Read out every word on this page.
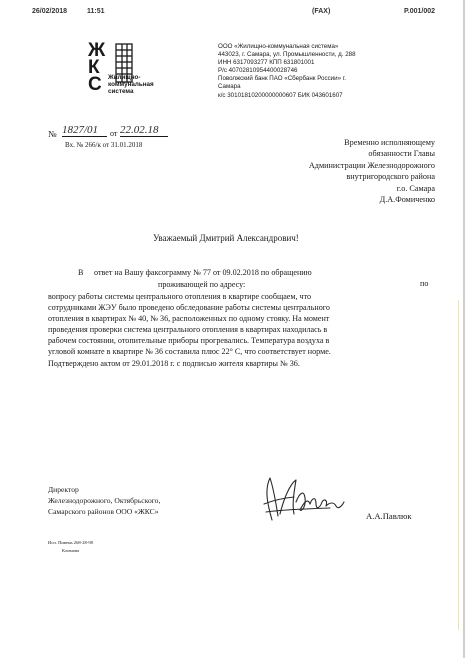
26/02/2018	11:51	(FAX)	P.001/002
ЖКС	Жилищно-
коммунальная
система
ООО «Жилищно-коммунальная система»
443023, г. Самара, ул. Промышленности, д. 288
ИНН 6317093277 КПП 631801001
Р/с 40702810954400028746
Поволжский банк ПАО «Сбербанк России» г.
Самара
к/с 30101810200000000607 БИК 043601607
№ 1827/01	от 22.02.18
Вх. № 266/к от 31.01.2018	Временно исполняющему
обязанности Главы
Администрации Железнодорожного
внутригородского района
г.о. Самара
Д.А.Фомиченко
Уважаемый Дмитрий Александрович!
В ответ на Вашу факсограмму № 77 от 09.02.2018 по обращению
по
проживающей по адресу:
вопросу работы системы центрального отопления в квартире сообщаем, что
сотрудниками ЖЭУ было проведено обследование работы системы центрального
отопления в квартирах № 40, № 36, расположенных по одному стояку. На момент
проведения проверки система центрального отопления в квартирах находилась в
рабочем состоянии, отопительные приборы прогревались. Температура воздуха в
угловой комнате в квартире № 36 составила плюс 22° С, что соответствует норме.
Подтверждено актом от 29.01.2018 г. с подписью жителя квартиры № 36.
Директор
Железнодорожного, Октябрьского,
Самарского районов ООО «ЖКС»	А.А.Павлюк
Исп. Пивень 268-28-98
Климова
